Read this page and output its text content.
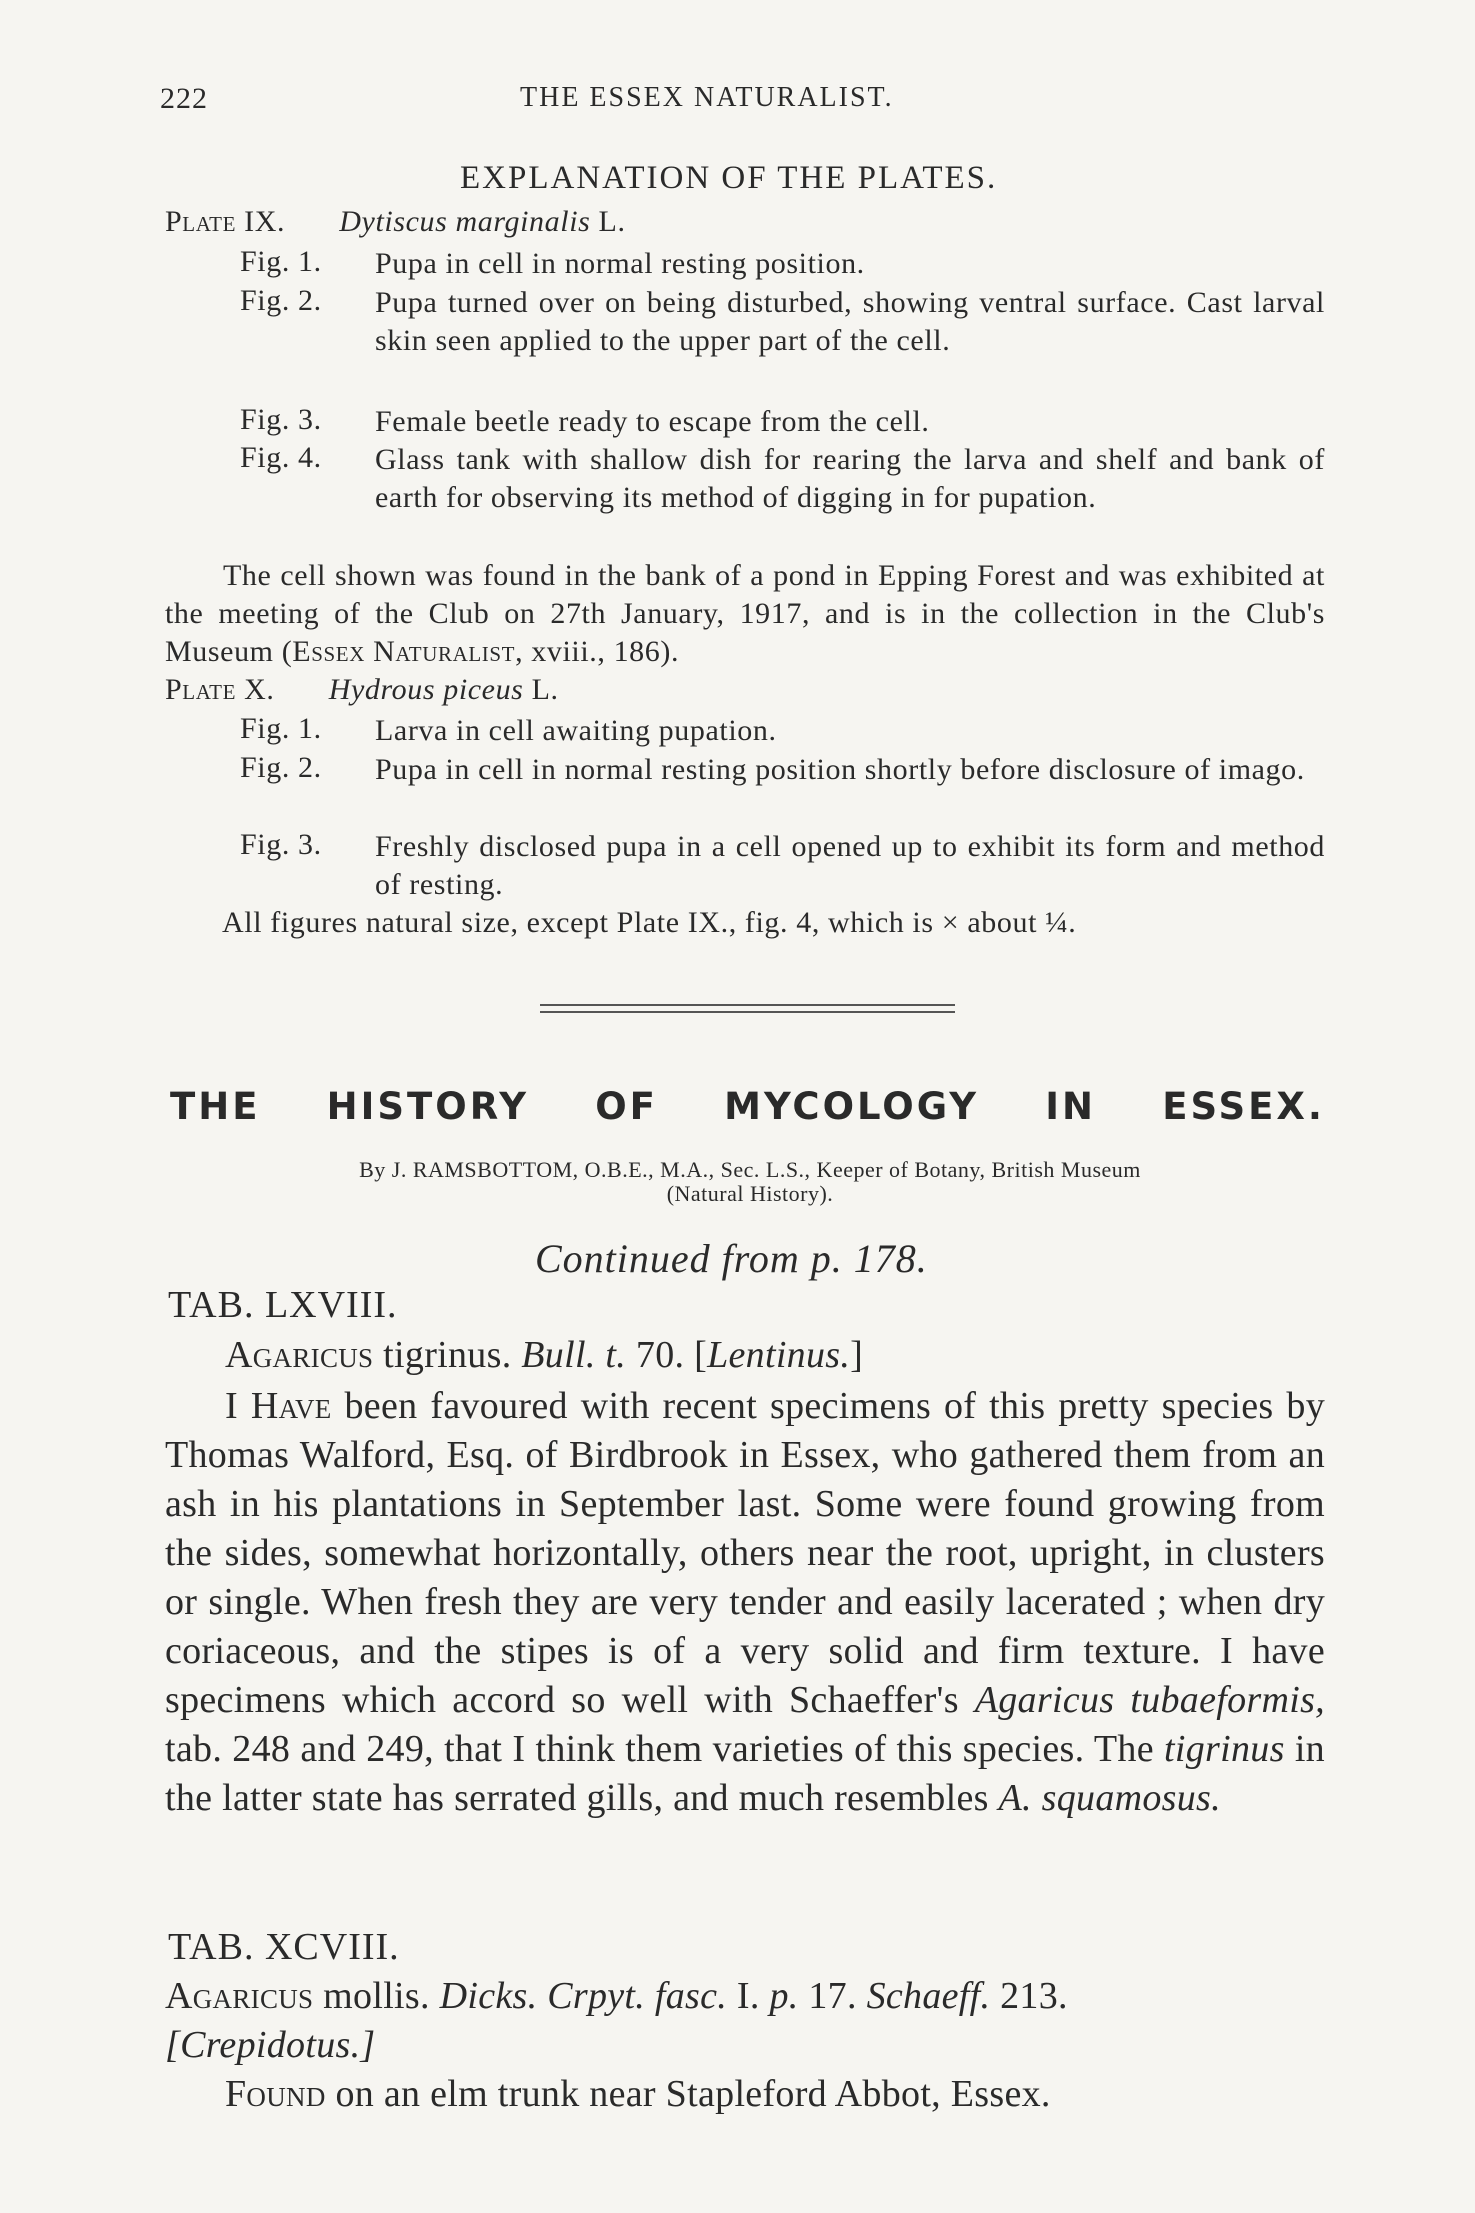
222	THE ESSEX NATURALIST.
EXPLANATION OF THE PLATES.
Plate IX. Dytiscus marginalis L.
Fig. 1. Pupa in cell in normal resting position.
Fig. 2. Pupa turned over on being disturbed, showing ventral surface. Cast larval skin seen applied to the upper part of the cell.
Fig. 3. Female beetle ready to escape from the cell.
Fig. 4. Glass tank with shallow dish for rearing the larva and shelf and bank of earth for observing its method of digging in for pupation.
The cell shown was found in the bank of a pond in Epping Forest and was exhibited at the meeting of the Club on 27th January, 1917, and is in the collection in the Club's Museum (Essex Naturalist, xviii., 186).
Plate X. Hydrous piceus L.
Fig. 1. Larva in cell awaiting pupation.
Fig. 2. Pupa in cell in normal resting position shortly before disclosure of imago.
Fig. 3. Freshly disclosed pupa in a cell opened up to exhibit its form and method of resting.
All figures natural size, except Plate IX., fig. 4, which is × about ¼.
THE HISTORY OF MYCOLOGY IN ESSEX.
By J. RAMSBOTTOM, O.B.E., M.A., Sec. L.S., Keeper of Botany, British Museum
(Natural History).
Continued from p. 178.
TAB. LXVIII.
Agaricus tigrinus. Bull. t. 70. [Lentinus.]
I Have been favoured with recent specimens of this pretty species by Thomas Walford, Esq. of Birdbrook in Essex, who gathered them from an ash in his plantations in September last. Some were found growing from the sides, somewhat horizontally, others near the root, upright, in clusters or single. When fresh they are very tender and easily lacerated ; when dry coriaceous, and the stipes is of a very solid and firm texture. I have specimens which accord so well with Schaeffer's Agaricus tubaeformis, tab. 248 and 249, that I think them varieties of this species. The tigrinus in the latter state has serrated gills, and much resembles A. squamosus.
TAB. XCVIII.
Agaricus mollis. Dicks. Crpyt. fasc. I. p. 17. Schaeff. 213.
[Crepidotus.]
Found on an elm trunk near Stapleford Abbot, Essex.
